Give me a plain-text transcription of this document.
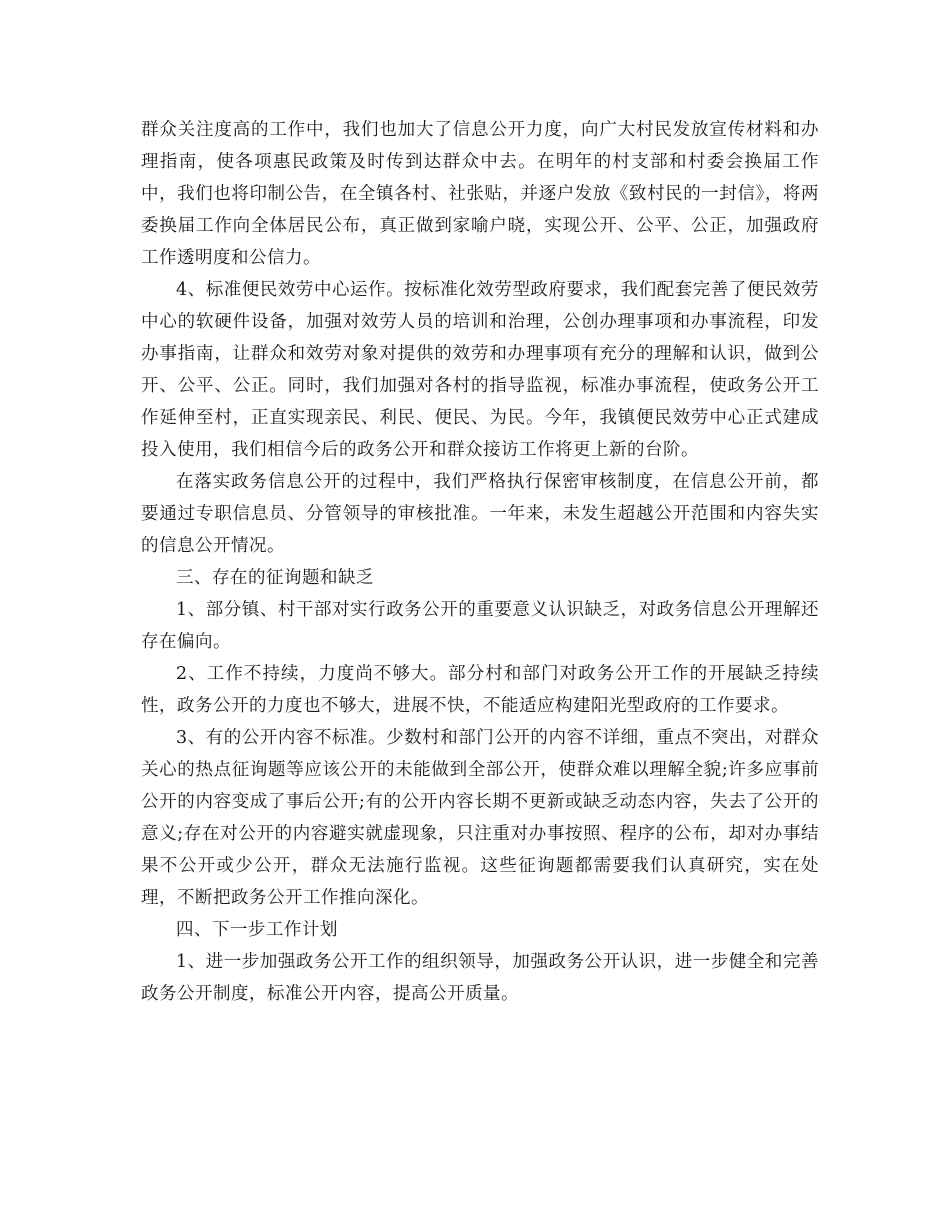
群众关注度高的工作中，我们也加大了信息公开力度，向广大村民发放宣传材料和办理指南，使各项惠民政策及时传到达群众中去。在明年的村支部和村委会换届工作中，我们也将印制公告，在全镇各村、社张贴，并逐户发放《致村民的一封信》，将两委换届工作向全体居民公布，真正做到家喻户晓，实现公开、公平、公正，加强政府工作透明度和公信力。

4、标准便民效劳中心运作。按标准化效劳型政府要求，我们配套完善了便民效劳中心的软硬件设备，加强对效劳人员的培训和治理，公创办理事项和办事流程，印发办事指南，让群众和效劳对象对提供的效劳和办理事项有充分的理解和认识，做到公开、公平、公正。同时，我们加强对各村的指导监视，标准办事流程，使政务公开工作延伸至村，正直实现亲民、利民、便民、为民。今年，我镇便民效劳中心正式建成投入使用，我们相信今后的政务公开和群众接访工作将更上新的台阶。

在落实政务信息公开的过程中，我们严格执行保密审核制度，在信息公开前，都要通过专职信息员、分管领导的审核批准。一年来，未发生超越公开范围和内容失实的信息公开情况。

三、存在的征询题和缺乏

1、部分镇、村干部对实行政务公开的重要意义认识缺乏，对政务信息公开理解还存在偏向。

2、工作不持续，力度尚不够大。部分村和部门对政务公开工作的开展缺乏持续性，政务公开的力度也不够大，进展不快，不能适应构建阳光型政府的工作要求。

3、有的公开内容不标准。少数村和部门公开的内容不详细，重点不突出，对群众关心的热点征询题等应该公开的未能做到全部公开，使群众难以理解全貌;许多应事前公开的内容变成了事后公开;有的公开内容长期不更新或缺乏动态内容，失去了公开的意义;存在对公开的内容避实就虚现象，只注重对办事按照、程序的公布，却对办事结果不公开或少公开，群众无法施行监视。这些征询题都需要我们认真研究，实在处理，不断把政务公开工作推向深化。

四、下一步工作计划

1、进一步加强政务公开工作的组织领导，加强政务公开认识，进一步健全和完善政务公开制度，标准公开内容，提高公开质量。
